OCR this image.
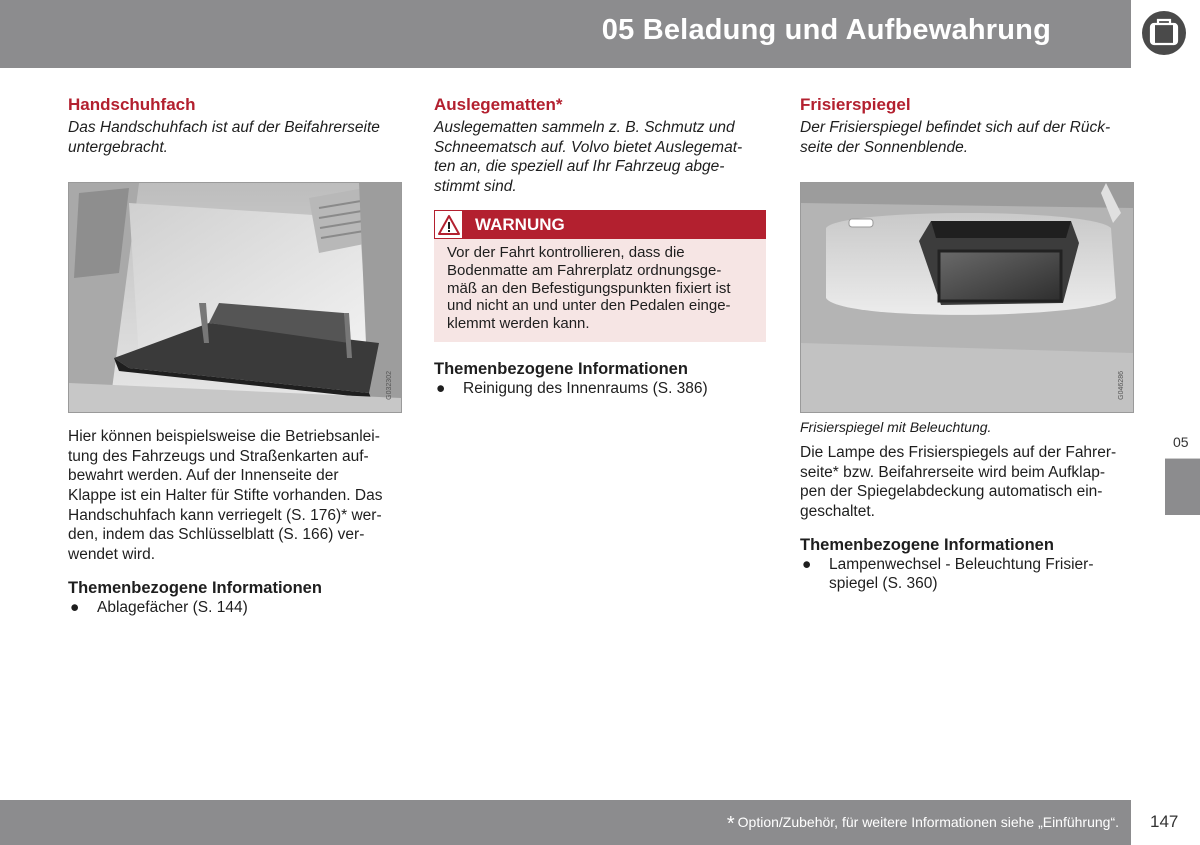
05 Beladung und Aufbewahrung
Handschuhfach

Das Handschuhfach ist auf der Beifahrerseite
untergebracht.

G032302

Hier können beispielsweise die Betriebsanlei-
tung des Fahrzeugs und Straßenkarten auf-
bewahrt werden. Auf der Innenseite der
Klappe ist ein Halter für Stifte vorhanden. Das
Handschuhfach kann verriegelt (S. 176)* wer-
den, indem das Schlüsselblatt (S. 166) ver-
wendet wird.

Themenbezogene Informationen
●	Ablagefächer (S. 144)
Auslegematten*

Auslegematten sammeln z. B. Schmutz und
Schneematsch auf. Volvo bietet Auslegemat-
ten an, die speziell auf Ihr Fahrzeug abge-
stimmt sind.

WARNUNG
Vor der Fahrt kontrollieren, dass die
Bodenmatte am Fahrerplatz ordnungsge-
mäß an den Befestigungspunkten fixiert ist
und nicht an und unter den Pedalen einge-
klemmt werden kann.
Themenbezogene Informationen
●	Reinigung des Innenraums (S. 386)
Frisierspiegel

Der Frisierspiegel befindet sich auf der Rück-
seite der Sonnenblende.

G046286

Frisierspiegel mit Beleuchtung.

Die Lampe des Frisierspiegels auf der Fahrer-
seite* bzw. Beifahrerseite wird beim Aufklap-
pen der Spiegelabdeckung automatisch ein-
geschaltet.

Themenbezogene Informationen
●	Lampenwechsel - Beleuchtung Frisier-
spiegel (S. 360)
05
* Option/Zubehör, für weitere Informationen siehe „Einführung“. 147
